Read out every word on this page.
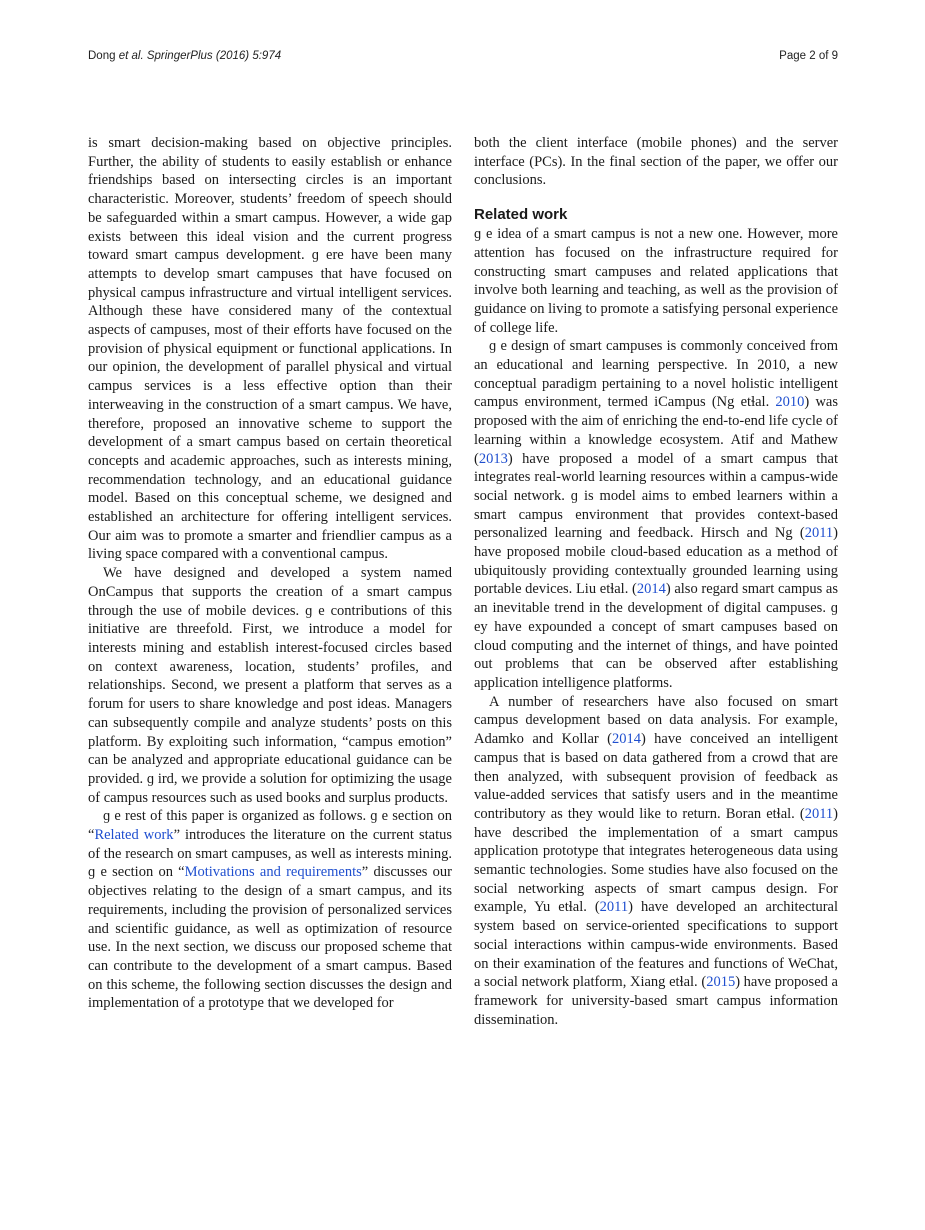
Dong et al. SpringerPlus (2016) 5:974	Page 2 of 9

is smart decision-making based on objective principles. Further, the ability of students to easily establish or enhance friendships based on intersecting circles is an important characteristic. Moreover, students’ freedom of speech should be safeguarded within a smart campus. However, a wide gap exists between this ideal vision and the current progress toward smart campus development. ɡ ere have been many attempts to develop smart campuses that have focused on physical campus infrastructure and virtual intelligent services. Although these have considered many of the contextual aspects of campuses, most of their efforts have focused on the provision of physical equipment or functional applications. In our opinion, the development of parallel physical and virtual campus services is a less effective option than their interweaving in the construction of a smart campus. We have, therefore, proposed an innovative scheme to support the development of a smart campus based on certain theoretical concepts and academic approaches, such as interests mining, recommendation technology, and an educational guidance model. Based on this conceptual scheme, we designed and established an architecture for offering intelligent services. Our aim was to promote a smarter and friendlier campus as a living space compared with a conventional campus.

We have designed and developed a system named OnCampus that supports the creation of a smart campus through the use of mobile devices. ɡ e contributions of this initiative are threefold. First, we introduce a model for interests mining and establish interest-focused circles based on context awareness, location, students’ profiles, and relationships. Second, we present a platform that serves as a forum for users to share knowledge and post ideas. Managers can subsequently compile and analyze students’ posts on this platform. By exploiting such information, “campus emotion” can be analyzed and appropriate educational guidance can be provided. ɡ ird, we provide a solution for optimizing the usage of campus resources such as used books and surplus products.

ɡ e rest of this paper is organized as follows. ɡ e section on “Related work” introduces the literature on the current status of the research on smart campuses, as well as interests mining. ɡ e section on “Motivations and requirements” discusses our objectives relating to the design of a smart campus, and its requirements, including the provision of personalized services and scientific guidance, as well as optimization of resource use. In the next section, we discuss our proposed scheme that can contribute to the development of a smart campus. Based on this scheme, the following section discusses the design and implementation of a prototype that we developed for

both the client interface (mobile phones) and the server interface (PCs). In the final section of the paper, we offer our conclusions.

Related work

ɡ e idea of a smart campus is not a new one. However, more attention has focused on the infrastructure required for constructing smart campuses and related applications that involve both learning and teaching, as well as the provision of guidance on living to promote a satisfying personal experience of college life.

ɡ e design of smart campuses is commonly conceived from an educational and learning perspective. In 2010, a new conceptual paradigm pertaining to a novel holistic intelligent campus environment, termed iCampus (Ng etɬal. 2010) was proposed with the aim of enriching the end-to-end life cycle of learning within a knowledge ecosystem. Atif and Mathew (2013) have proposed a model of a smart campus that integrates real-world learning resources within a campus-wide social network. ɡ is model aims to embed learners within a smart campus environment that provides context-based personalized learning and feedback. Hirsch and Ng (2011) have proposed mobile cloud-based education as a method of ubiquitously providing contextually grounded learning using portable devices. Liu etɬal. (2014) also regard smart campus as an inevitable trend in the development of digital campuses. ɡ ey have expounded a concept of smart campuses based on cloud computing and the internet of things, and have pointed out problems that can be observed after establishing application intelligence platforms.

A number of researchers have also focused on smart campus development based on data analysis. For example, Adamko and Kollar (2014) have conceived an intelligent campus that is based on data gathered from a crowd that are then analyzed, with subsequent provision of feedback as value-added services that satisfy users and in the meantime contributory as they would like to return. Boran etɬal. (2011) have described the implementation of a smart campus application prototype that integrates heterogeneous data using semantic technologies. Some studies have also focused on the social networking aspects of smart campus design. For example, Yu etɬal. (2011) have developed an architectural system based on service-oriented specifications to support social interactions within campus-wide environments. Based on their examination of the features and functions of WeChat, a social network platform, Xiang etɬal. (2015) have proposed a framework for university-based smart campus information dissemination.
